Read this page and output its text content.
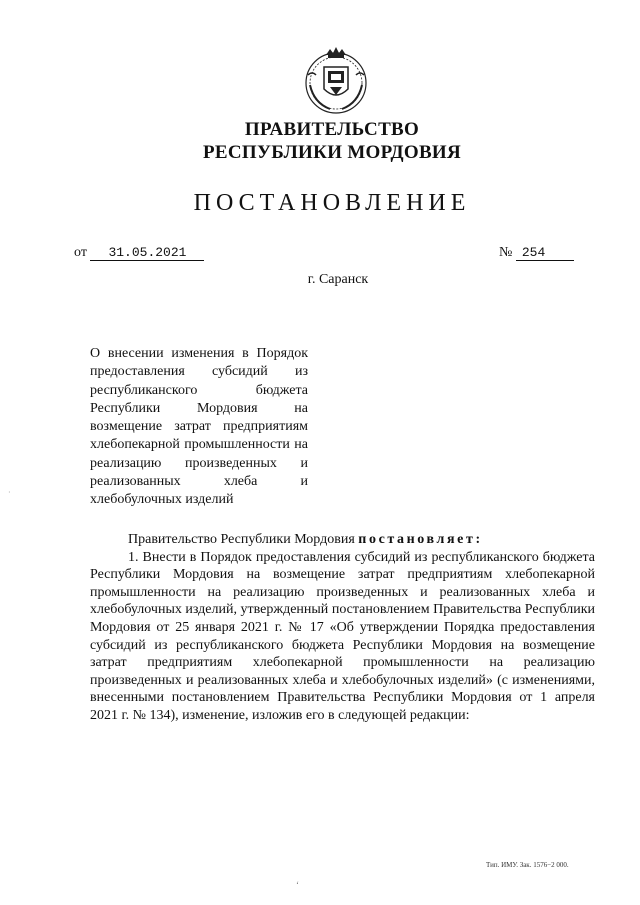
ПРАВИТЕЛЬСТВО
РЕСПУБЛИКИ МОРДОВИЯ
ПОСТАНОВЛЕНИЕ
от 31.05.2021	№ 254
г. Саранск

О внесении изменения в Порядок предоставления субсидий из республиканского бюджета Республики Мордовия на возмещение затрат предприятиям хлебопекарной промышленности на реализацию произведенных и реализованных хлеба и хлебобулочных изделий

Правительство Республики Мордовия постановляет:

1. Внести в Порядок предоставления субсидий из республиканского бюджета Республики Мордовия на возмещение затрат предприятиям хлебопекарной промышленности на реализацию произведенных и реализованных хлеба и хлебобулочных изделий, утвержденный постановлением Правительства Республики Мордовия от 25 января 2021 г. № 17 «Об утверждении Порядка предоставления субсидий из республиканского бюджета Республики Мордовия на возмещение затрат предприятиям хлебопекарной промышленности на реализацию произведенных и реализованных хлеба и хлебобулочных изделий» (с изменениями, внесенными постановлением Правительства Республики Мордовия от 1 апреля 2021 г. № 134), изменение, изложив его в следующей редакции:

·
ʻ
Тип. ИМУ. Зак. 1576−2 000.
